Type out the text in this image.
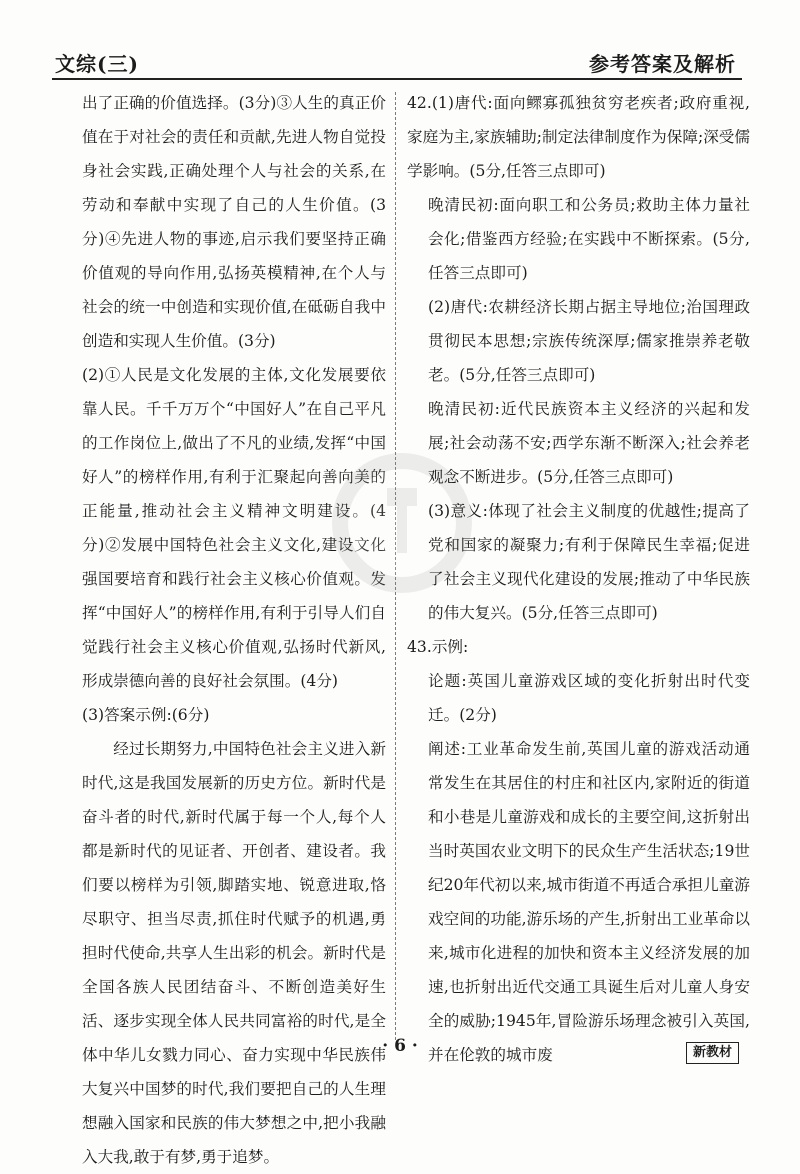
文综(三)	参考答案及解析

出了正确的价值选择。(3分)③人生的真正价值在于对社会的责任和贡献,先进人物自觉投身社会实践,正确处理个人与社会的关系,在劳动和奉献中实现了自己的人生价值。(3分)④先进人物的事迹,启示我们要坚持正确价值观的导向作用,弘扬英模精神,在个人与社会的统一中创造和实现价值,在砥砺自我中创造和实现人生价值。(3分)

(2)①人民是文化发展的主体,文化发展要依靠人民。千千万万个“中国好人”在自己平凡的工作岗位上,做出了不凡的业绩,发挥“中国好人”的榜样作用,有利于汇聚起向善向美的正能量,推动社会主义精神文明建设。(4分)②发展中国特色社会主义文化,建设文化强国要培育和践行社会主义核心价值观。发挥“中国好人”的榜样作用,有利于引导人们自觉践行社会主义核心价值观,弘扬时代新风,形成崇德向善的良好社会氛围。(4分)

(3)答案示例:(6分)

经过长期努力,中国特色社会主义进入新时代,这是我国发展新的历史方位。新时代是奋斗者的时代,新时代属于每一个人,每个人都是新时代的见证者、开创者、建设者。我们要以榜样为引领,脚踏实地、锐意进取,恪尽职守、担当尽责,抓住时代赋予的机遇,勇担时代使命,共享人生出彩的机会。新时代是全国各族人民团结奋斗、不断创造美好生活、逐步实现全体人民共同富裕的时代,是全体中华儿女戮力同心、奋力实现中华民族伟大复兴中国梦的时代,我们要把自己的人生理想融入国家和民族的伟大梦想之中,把小我融入大我,敢于有梦,勇于追梦。

42.(1)唐代:面向鳏寡孤独贫穷老疾者;政府重视,家庭为主,家族辅助;制定法律制度作为保障;深受儒学影响。(5分,任答三点即可)

晚清民初:面向职工和公务员;救助主体力量社会化;借鉴西方经验;在实践中不断探索。(5分,任答三点即可)

(2)唐代:农耕经济长期占据主导地位;治国理政贯彻民本思想;宗族传统深厚;儒家推崇养老敬老。(5分,任答三点即可)

晚清民初:近代民族资本主义经济的兴起和发展;社会动荡不安;西学东渐不断深入;社会养老观念不断进步。(5分,任答三点即可)

(3)意义:体现了社会主义制度的优越性;提高了党和国家的凝聚力;有利于保障民生幸福;促进了社会主义现代化建设的发展;推动了中华民族的伟大复兴。(5分,任答三点即可)

43.示例:

论题:英国儿童游戏区域的变化折射出时代变迁。(2分)

阐述:工业革命发生前,英国儿童的游戏活动通常发生在其居住的村庄和社区内,家附近的街道和小巷是儿童游戏和成长的主要空间,这折射出当时英国农业文明下的民众生产生活状态;19世纪20年代初以来,城市街道不再适合承担儿童游戏空间的功能,游乐场的产生,折射出工业革命以来,城市化进程的加快和资本主义经济发展的加速,也折射出近代交通工具诞生后对儿童人身安全的威胁;1945年,冒险游乐场理念被引入英国,并在伦敦的城市废

· 6 ·	新教材
